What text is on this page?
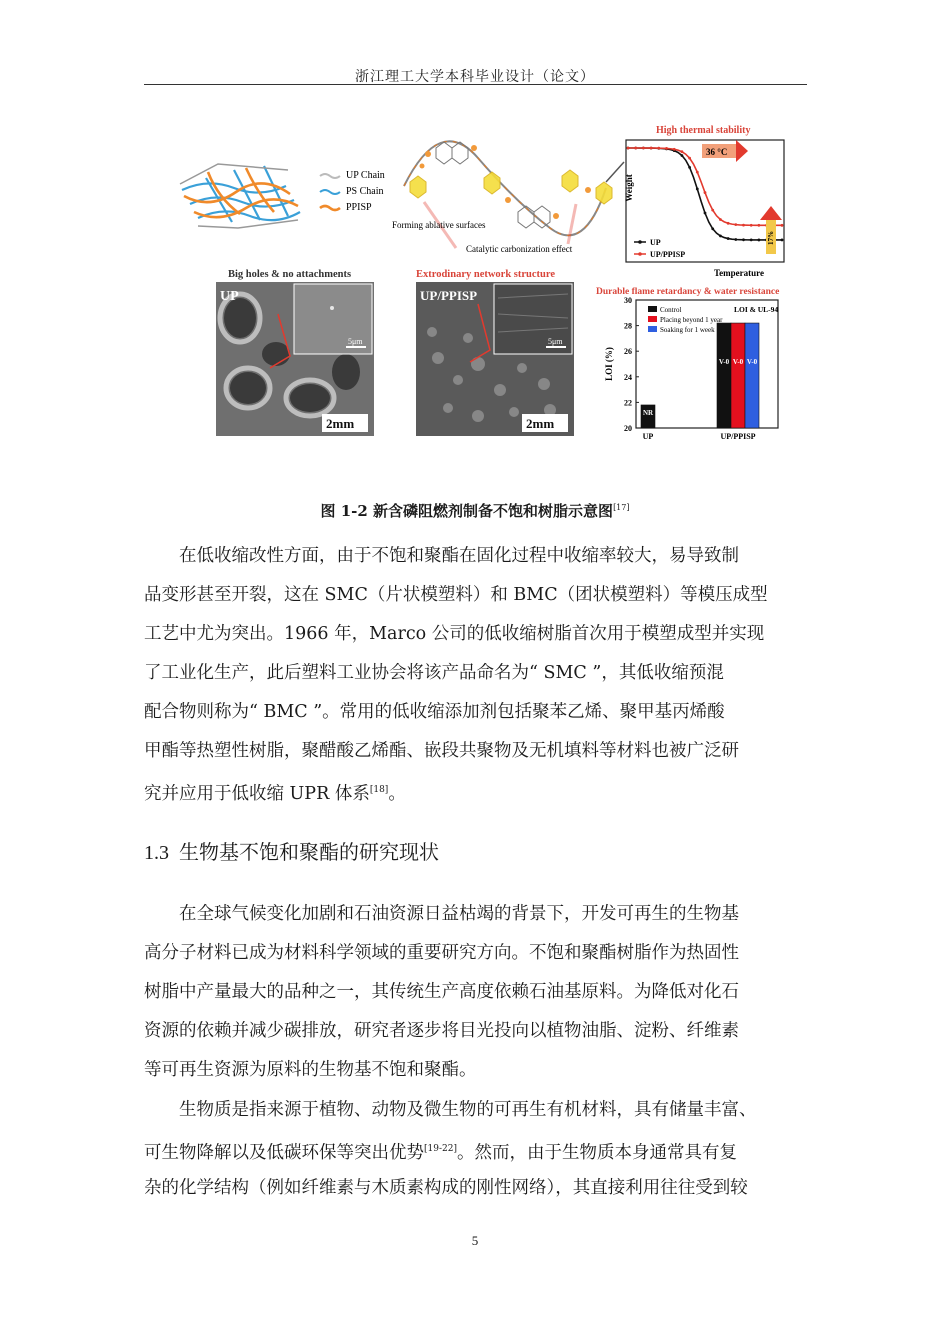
浙江理工大学本科毕业设计（论文）
UP Chain
PS Chain
PPISP
Forming ablative surfaces
Catalytic carbonization effect
Big holes & no attachments
UP
5μm
2mm
Extrodinary network structure
UP/PPISP
5μm
2mm
High thermal stability
Weight
Temperature
36 °C
17%
UP
UP/PPISP
Durable flame retardancy & water resistance
LOI (%)
20
22
24
26
28
30
NR
UP
V-0 V-0 V-0
UP/PPISP
Control
Placing beyond 1 year
Soaking for 1 week
LOI & UL-94
图 1-2 新含磷阻燃剂制备不饱和树脂示意图[17]
在低收缩改性方面，由于不饱和聚酯在固化过程中收缩率较大，易导致制
品变形甚至开裂，这在 SMC（片状模塑料）和 BMC（团状模塑料）等模压成型
工艺中尤为突出。1966 年，Marco 公司的低收缩树脂首次用于模塑成型并实现
了工业化生产，此后塑料工业协会将该产品命名为“ SMC ”，其低收缩预混
配合物则称为“ BMC ”。常用的低收缩添加剂包括聚苯乙烯、聚甲基丙烯酸
甲酯等热塑性树脂，聚醋酸乙烯酯、嵌段共聚物及无机填料等材料也被广泛研
究并应用于低收缩 UPR 体系[18]。
1.3 生物基不饱和聚酯的研究现状
在全球气候变化加剧和石油资源日益枯竭的背景下，开发可再生的生物基
高分子材料已成为材料科学领域的重要研究方向。不饱和聚酯树脂作为热固性
树脂中产量最大的品种之一，其传统生产高度依赖石油基原料。为降低对化石
资源的依赖并减少碳排放，研究者逐步将目光投向以植物油脂、淀粉、纤维素
等可再生资源为原料的生物基不饱和聚酯。
生物质是指来源于植物、动物及微生物的可再生有机材料，具有储量丰富、
可生物降解以及低碳环保等突出优势[19-22]。然而，由于生物质本身通常具有复
杂的化学结构（例如纤维素与木质素构成的刚性网络），其直接利用往往受到较
5
